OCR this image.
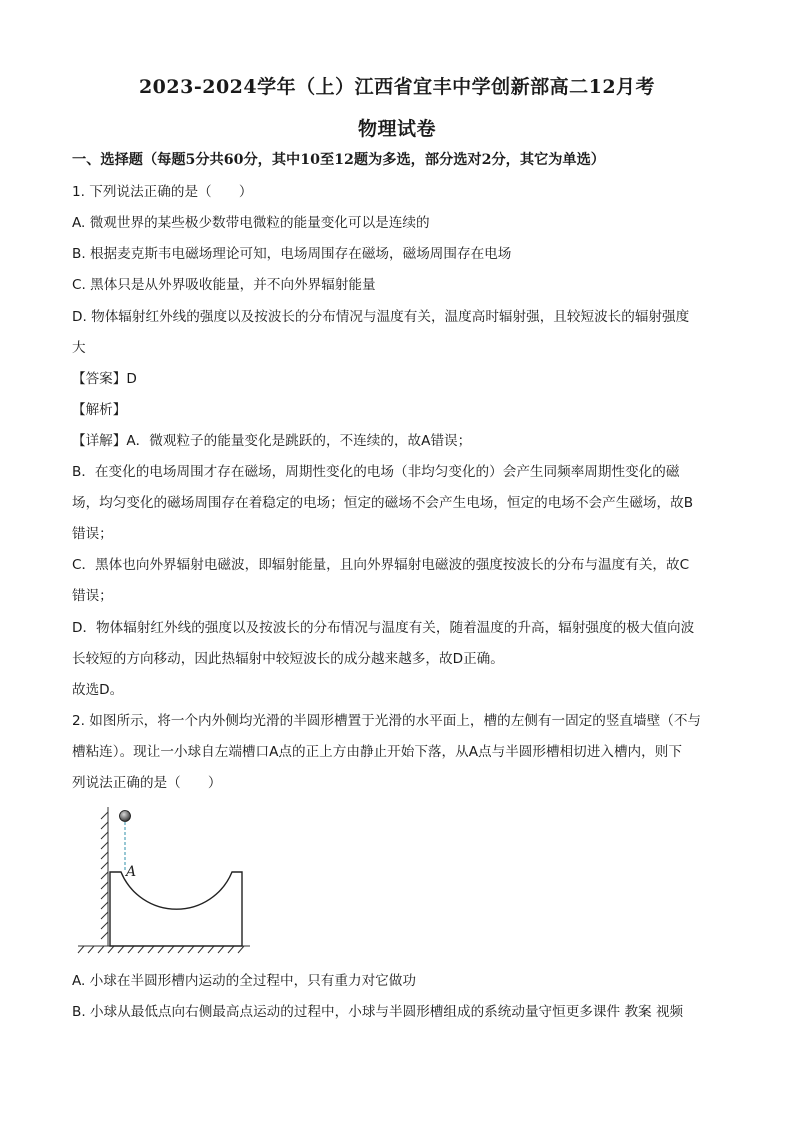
2023-2024学年（上）江西省宜丰中学创新部高二12月考
物理试卷
一、选择题（每题5分共60分，其中10至12题为多选，部分选对2分，其它为单选）
1. 下列说法正确的是（　　）
A. 微观世界的某些极少数带电微粒的能量变化可以是连续的
B. 根据麦克斯韦电磁场理论可知，电场周围存在磁场，磁场周围存在电场
C. 黑体只是从外界吸收能量，并不向外界辐射能量
D. 物体辐射红外线的强度以及按波长的分布情况与温度有关，温度高时辐射强，且较短波长的辐射强度
大
【答案】D
【解析】
【详解】A．微观粒子的能量变化是跳跃的，不连续的，故A错误；
B．在变化的电场周围才存在磁场，周期性变化的电场（非均匀变化的）会产生同频率周期性变化的磁
场，均匀变化的磁场周围存在着稳定的电场；恒定的磁场不会产生电场，恒定的电场不会产生磁场，故B
错误；
C．黑体也向外界辐射电磁波，即辐射能量，且向外界辐射电磁波的强度按波长的分布与温度有关，故C
错误；
D．物体辐射红外线的强度以及按波长的分布情况与温度有关，随着温度的升高，辐射强度的极大值向波
长较短的方向移动，因此热辐射中较短波长的成分越来越多，故D正确。
故选D。
2. 如图所示，将一个内外侧均光滑的半圆形槽置于光滑的水平面上，槽的左侧有一固定的竖直墙壁（不与
槽粘连）。现让一小球自左端槽口A点的正上方由静止开始下落，从A点与半圆形槽相切进入槽内，则下
列说法正确的是（　　）
A
A. 小球在半圆形槽内运动的全过程中，只有重力对它做功
B. 小球从最低点向右侧最高点运动的过程中，小球与半圆形槽组成的系统动量守恒更多课件 教案 视频
